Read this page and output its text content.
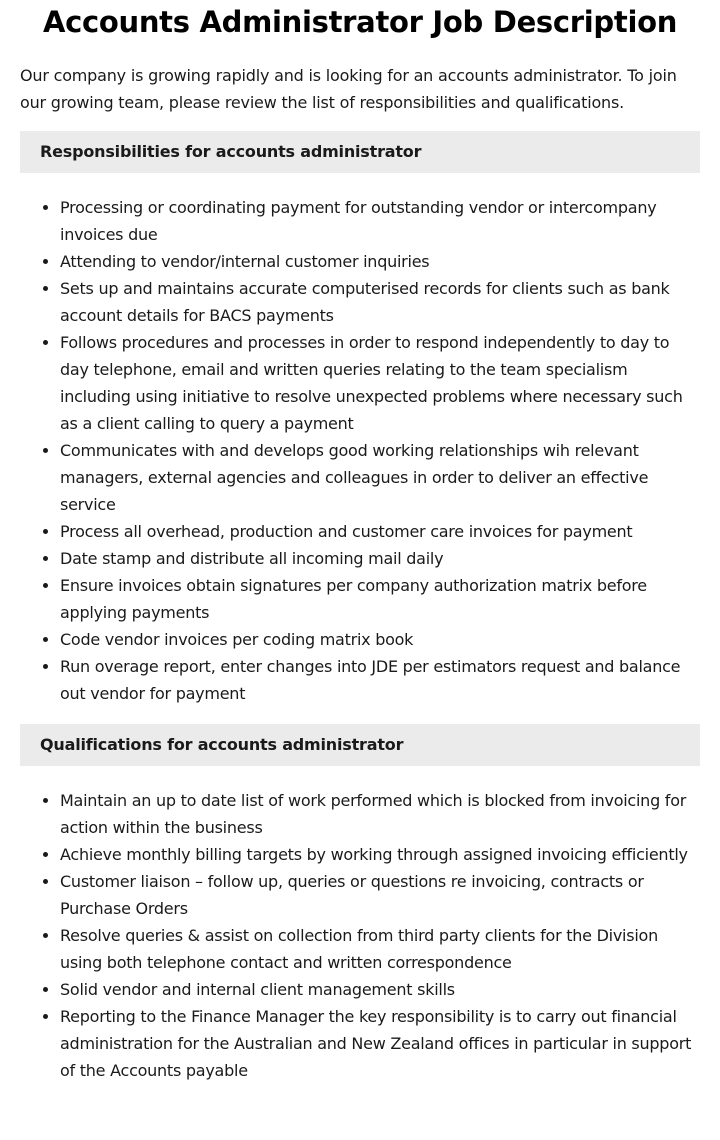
Accounts Administrator Job Description

Our company is growing rapidly and is looking for an accounts administrator. To join our growing team, please review the list of responsibilities and qualifications.

Responsibilities for accounts administrator
• Processing or coordinating payment for outstanding vendor or intercompany invoices due
• Attending to vendor/internal customer inquiries
• Sets up and maintains accurate computerised records for clients such as bank account details for BACS payments
• Follows procedures and processes in order to respond independently to day to day telephone, email and written queries relating to the team specialism including using initiative to resolve unexpected problems where necessary such as a client calling to query a payment
• Communicates with and develops good working relationships wih relevant managers, external agencies and colleagues in order to deliver an effective service
• Process all overhead, production and customer care invoices for payment
• Date stamp and distribute all incoming mail daily
• Ensure invoices obtain signatures per company authorization matrix before applying payments
• Code vendor invoices per coding matrix book
• Run overage report, enter changes into JDE per estimators request and balance out vendor for payment
Qualifications for accounts administrator
• Maintain an up to date list of work performed which is blocked from invoicing for action within the business
• Achieve monthly billing targets by working through assigned invoicing efficiently
• Customer liaison – follow up, queries or questions re invoicing, contracts or Purchase Orders
• Resolve queries & assist on collection from third party clients for the Division using both telephone contact and written correspondence
• Solid vendor and internal client management skills
• Reporting to the Finance Manager the key responsibility is to carry out financial administration for the Australian and New Zealand offices in particular in support of the Accounts payable
